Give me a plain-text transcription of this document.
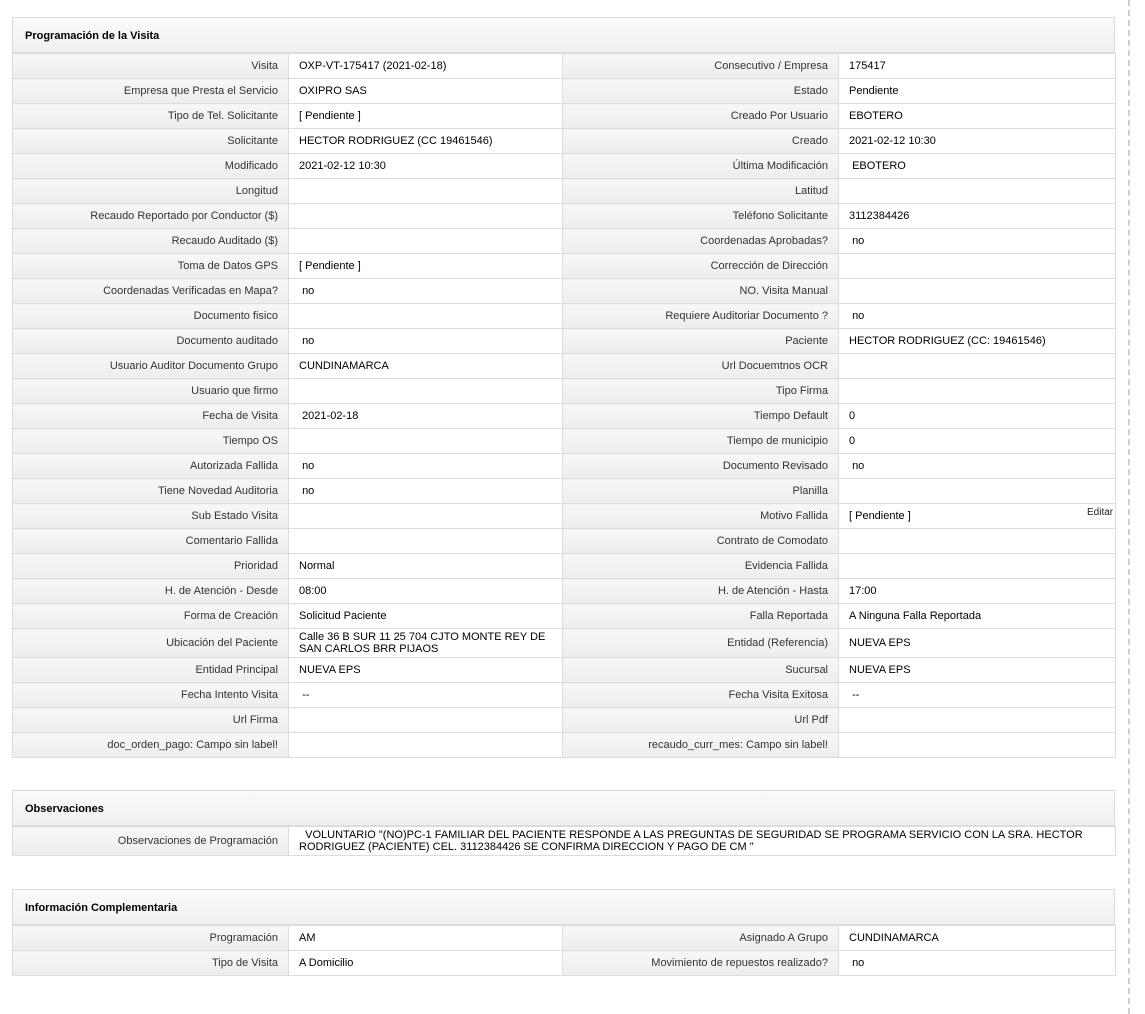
Programación de la Visita
Visita	OXP-VT-175417 (2021-02-18)	Consecutivo / Empresa	175417
Empresa que Presta el Servicio	OXIPRO SAS	Estado	Pendiente
Tipo de Tel. Solicitante	[ Pendiente ]	Creado Por Usuario	EBOTERO
Solicitante	HECTOR RODRIGUEZ (CC 19461546)	Creado	2021-02-12 10:30
Modificado	2021-02-12 10:30	Última Modificación	EBOTERO
Longitud		Latitud	
Recaudo Reportado por Conductor ($)		Teléfono Solicitante	3112384426
Recaudo Auditado ($)		Coordenadas Aprobadas?	no
Toma de Datos GPS	[ Pendiente ]	Corrección de Dirección	
Coordenadas Verificadas en Mapa?	no	NO. Visita Manual	
Documento fisico		Requiere Auditoriar Documento ?	no
Documento auditado	no	Paciente	HECTOR RODRIGUEZ (CC: 19461546)
Usuario Auditor Documento Grupo	CUNDINAMARCA	Url Docuemtnos OCR	
Usuario que firmo		Tipo Firma	
Fecha de Visita	2021-02-18	Tiempo Default	0
Tiempo OS		Tiempo de municipio	0
Autorizada Fallida	no	Documento Revisado	no
Tiene Novedad Auditoria	no	Planilla	
Sub Estado Visita		Motivo Fallida	[ Pendiente ]
Comentario Fallida		Contrato de Comodato	
Prioridad	Normal	Evidencia Fallida	
H. de Atención - Desde	08:00	H. de Atención - Hasta	17:00
Forma de Creación	Solicitud Paciente	Falla Reportada	A Ninguna Falla Reportada
Ubicación del Paciente	Calle 36 B SUR 11 25 704 CJTO MONTE REY DE SAN CARLOS BRR PIJAOS	Entidad (Referencia)	NUEVA EPS
Entidad Principal	NUEVA EPS	Sucursal	NUEVA EPS
Fecha Intento Visita	--	Fecha Visita Exitosa	--
Url Firma		Url Pdf	
doc_orden_pago: Campo sin label!		recaudo_curr_mes: Campo sin label!	
Editar
Observaciones
Observaciones de Programación	VOLUNTARIO "(NO)PC-1 FAMILIAR DEL PACIENTE RESPONDE A LAS PREGUNTAS DE SEGURIDAD SE PROGRAMA SERVICIO CON LA SRA. HECTOR RODRIGUEZ (PACIENTE) CEL. 3112384426 SE CONFIRMA DIRECCION Y PAGO DE CM "
Información Complementaria
Programación	AM	Asignado A Grupo	CUNDINAMARCA
Tipo de Visita	A Domicilio	Movimiento de repuestos realizado?	no
